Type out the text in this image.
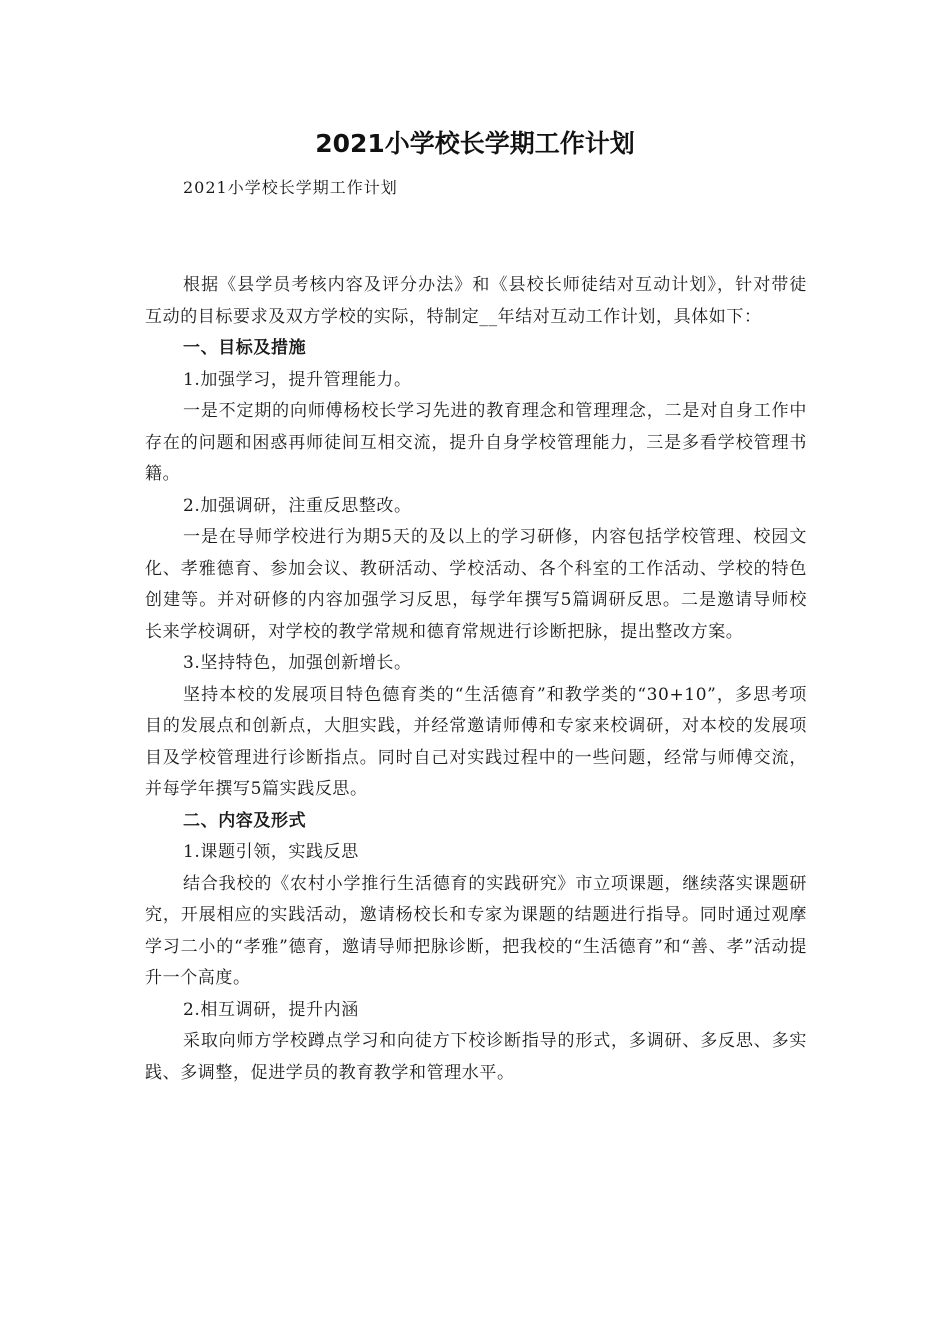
2021小学校长学期工作计划
2021小学校长学期工作计划

根据《县学员考核内容及评分办法》和《县校长师徒结对互动计划》，针对带徒互动的目标要求及双方学校的实际，特制定__年结对互动工作计划，具体如下：

一、目标及措施

1.加强学习，提升管理能力。

一是不定期的向师傅杨校长学习先进的教育理念和管理理念，二是对自身工作中存在的问题和困惑再师徒间互相交流，提升自身学校管理能力，三是多看学校管理书籍。

2.加强调研，注重反思整改。

一是在导师学校进行为期5天的及以上的学习研修，内容包括学校管理、校园文化、孝雅德育、参加会议、教研活动、学校活动、各个科室的工作活动、学校的特色创建等。并对研修的内容加强学习反思，每学年撰写5篇调研反思。二是邀请导师校长来学校调研，对学校的教学常规和德育常规进行诊断把脉，提出整改方案。

3.坚持特色，加强创新增长。

坚持本校的发展项目特色德育类的“生活德育”和教学类的“30+10”，多思考项目的发展点和创新点，大胆实践，并经常邀请师傅和专家来校调研，对本校的发展项目及学校管理进行诊断指点。同时自己对实践过程中的一些问题，经常与师傅交流，并每学年撰写5篇实践反思。

二、内容及形式

1.课题引领，实践反思

结合我校的《农村小学推行生活德育的实践研究》市立项课题，继续落实课题研究，开展相应的实践活动，邀请杨校长和专家为课题的结题进行指导。同时通过观摩学习二小的“孝雅”德育，邀请导师把脉诊断，把我校的“生活德育”和“善、孝”活动提升一个高度。

2.相互调研，提升内涵

采取向师方学校蹲点学习和向徒方下校诊断指导的形式，多调研、多反思、多实践、多调整，促进学员的教育教学和管理水平。
